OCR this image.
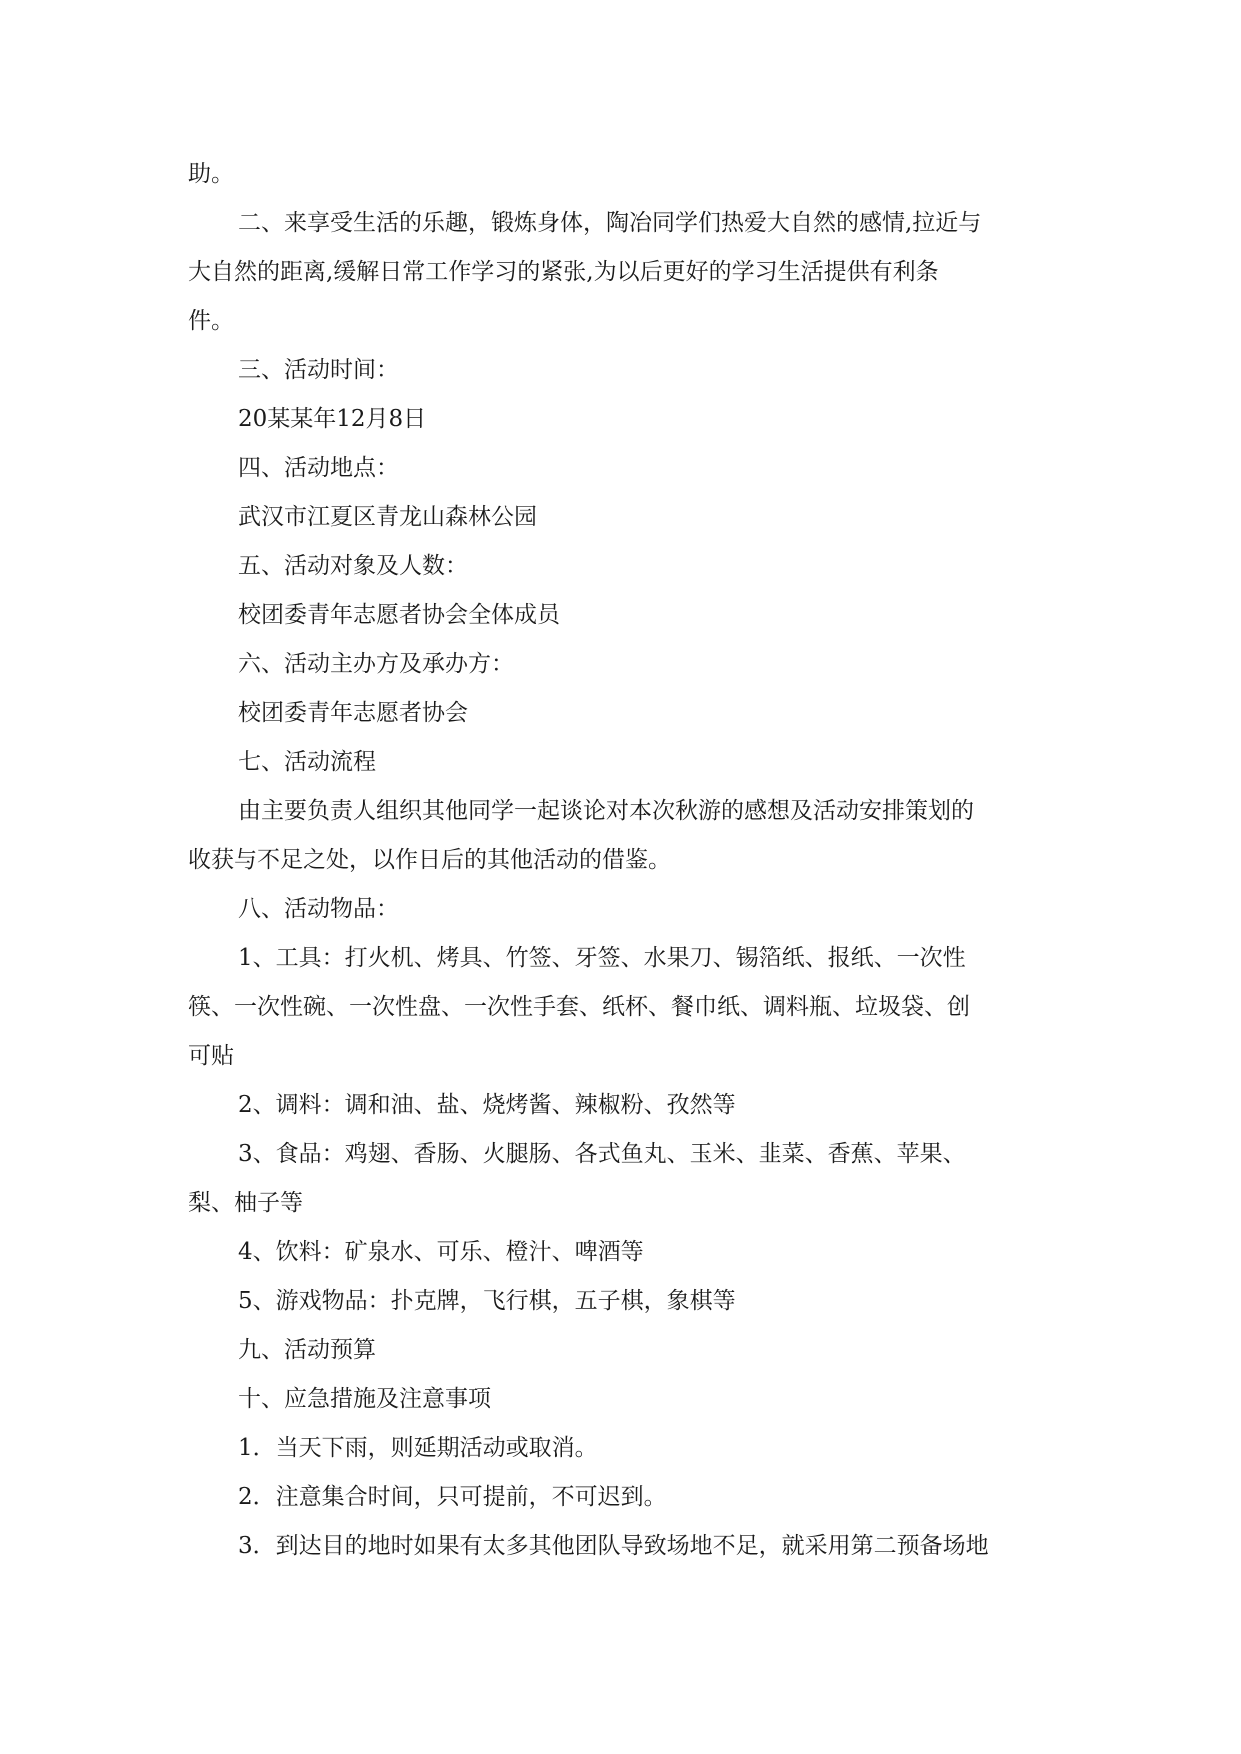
助。
二、来享受生活的乐趣，锻炼身体，陶冶同学们热爱大自然的感情,拉近与
大自然的距离,缓解日常工作学习的紧张,为以后更好的学习生活提供有利条
件。
三、活动时间：
20某某年12月8日
四、活动地点：
武汉市江夏区青龙山森林公园
五、活动对象及人数：
校团委青年志愿者协会全体成员
六、活动主办方及承办方：
校团委青年志愿者协会
七、活动流程
由主要负责人组织其他同学一起谈论对本次秋游的感想及活动安排策划的
收获与不足之处，以作日后的其他活动的借鉴。
八、活动物品：
1、工具：打火机、烤具、竹签、牙签、水果刀、锡箔纸、报纸、一次性
筷、一次性碗、一次性盘、一次性手套、纸杯、餐巾纸、调料瓶、垃圾袋、创
可贴
2、调料：调和油、盐、烧烤酱、辣椒粉、孜然等
3、食品：鸡翅、香肠、火腿肠、各式鱼丸、玉米、韭菜、香蕉、苹果、
梨、柚子等
4、饮料：矿泉水、可乐、橙汁、啤酒等
5、游戏物品：扑克牌，飞行棋，五子棋，象棋等
九、活动预算
十、应急措施及注意事项
1．当天下雨，则延期活动或取消。
2．注意集合时间，只可提前，不可迟到。
3．到达目的地时如果有太多其他团队导致场地不足，就采用第二预备场地
